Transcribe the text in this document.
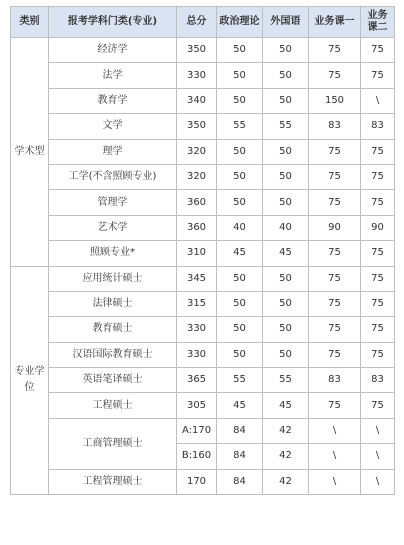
类别	报考学科门类(专业)	总分	政治理论	外国语	业务课一	业务课二
学术型	经济学	350	50	50	75	75
	法学	330	50	50	75	75
	教育学	340	50	50	150	\
	文学	350	55	55	83	83
	理学	320	50	50	75	75
	工学(不含照顾专业)	320	50	50	75	75
	管理学	360	50	50	75	75
	艺术学	360	40	40	90	90
	照顾专业*	310	45	45	75	75
专业学位	应用统计硕士	345	50	50	75	75
	法律硕士	315	50	50	75	75
	教育硕士	330	50	50	75	75
	汉语国际教育硕士	330	50	50	75	75
	英语笔译硕士	365	55	55	83	83
	工程硕士	305	45	45	75	75
	工商管理硕士	A:170	84	42	\	\
		B:160	84	42	\	\
	工程管理硕士	170	84	42	\	\
